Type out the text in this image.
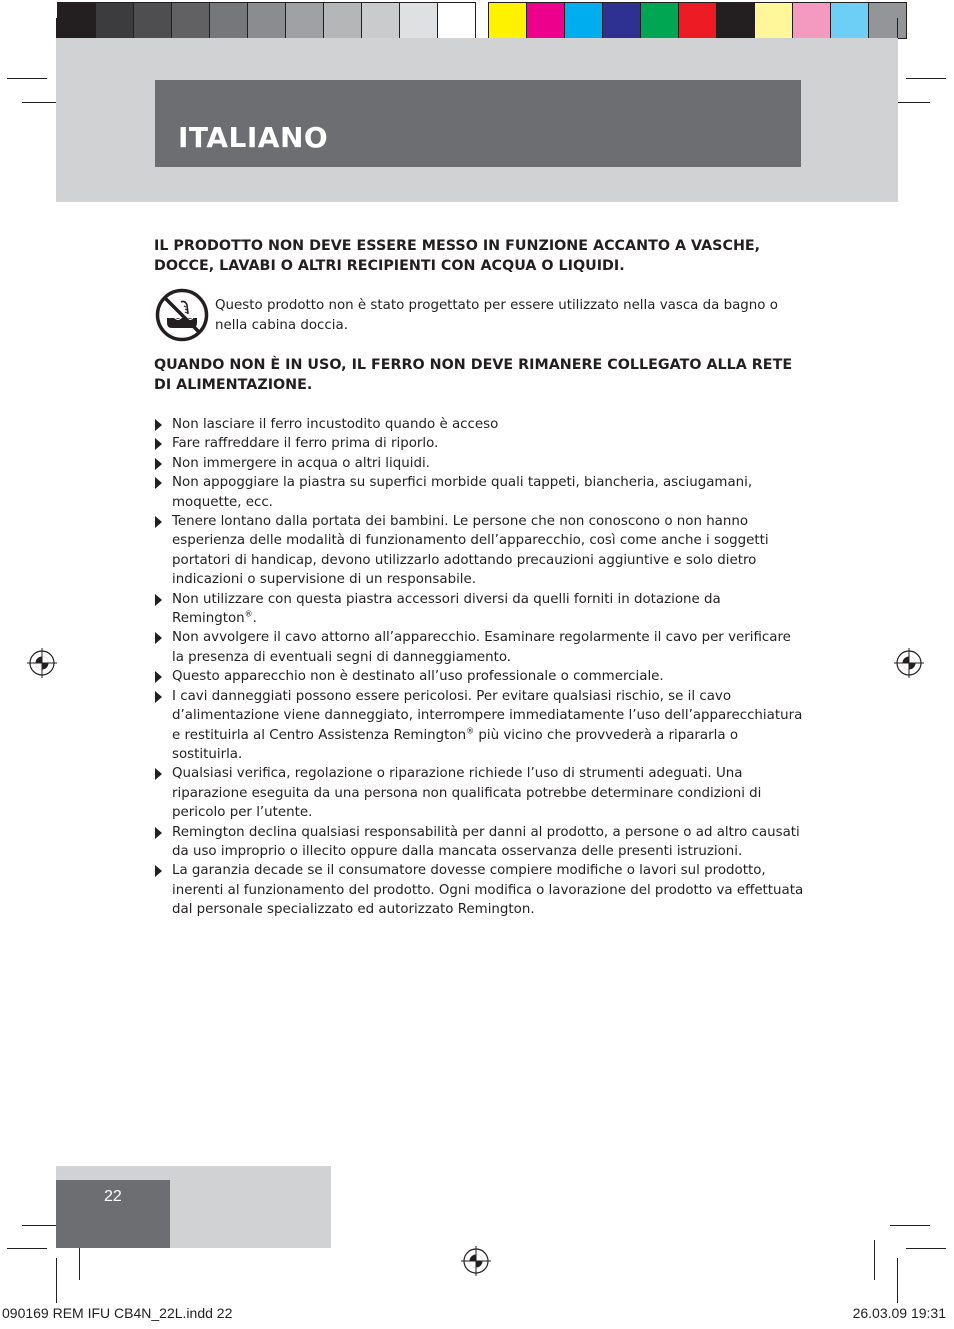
ITALIANO
IL PRODOTTO NON DEVE ESSERE MESSO IN FUNZIONE ACCANTO A VASCHE, DOCCE, LAVABI O ALTRI RECIPIENTI CON ACQUA O LIQUIDI.
Questo prodotto non è stato progettato per essere utilizzato nella vasca da bagno o nella cabina doccia.
QUANDO NON È IN USO, IL FERRO NON DEVE RIMANERE COLLEGATO ALLA RETE DI ALIMENTAZIONE.
Non lasciare il ferro incustodito quando è acceso
Fare raffreddare il ferro prima di riporlo.
Non immergere in acqua o altri liquidi.
Non appoggiare la piastra su superfici morbide quali tappeti, biancheria, asciugamani, moquette, ecc.
Tenere lontano dalla portata dei bambini. Le persone che non conoscono o non hanno esperienza delle modalità di funzionamento dell’apparecchio, così come anche i soggetti portatori di handicap, devono utilizzarlo adottando precauzioni aggiuntive e solo dietro indicazioni o supervisione di un responsabile.
Non utilizzare con questa piastra accessori diversi da quelli forniti in dotazione da Remington®.
Non avvolgere il cavo attorno all’apparecchio. Esaminare regolarmente il cavo per verificare la presenza di eventuali segni di danneggiamento.
Questo apparecchio non è destinato all’uso professionale o commerciale.
I cavi danneggiati possono essere pericolosi. Per evitare qualsiasi rischio, se il cavo d’alimentazione viene danneggiato, interrompere immediatamente l’uso dell’apparecchiatura e restituirla al Centro Assistenza Remington® più vicino che provvederà a ripararla o sostituirla.
Qualsiasi verifica, regolazione o riparazione richiede l’uso di strumenti adeguati. Una riparazione eseguita da una persona non qualificata potrebbe determinare condizioni di pericolo per l’utente.
Remington declina qualsiasi responsabilità per danni al prodotto, a persone o ad altro causati da uso improprio o illecito oppure dalla mancata osservanza delle presenti istruzioni.
La garanzia decade se il consumatore dovesse compiere modifiche o lavori sul prodotto, inerenti al funzionamento del prodotto. Ogni modifica o lavorazione del prodotto va effettuata dal personale specializzato ed autorizzato Remington.
22
090169 REM IFU CB4N_22L.indd 22	26.03.09 19:31
